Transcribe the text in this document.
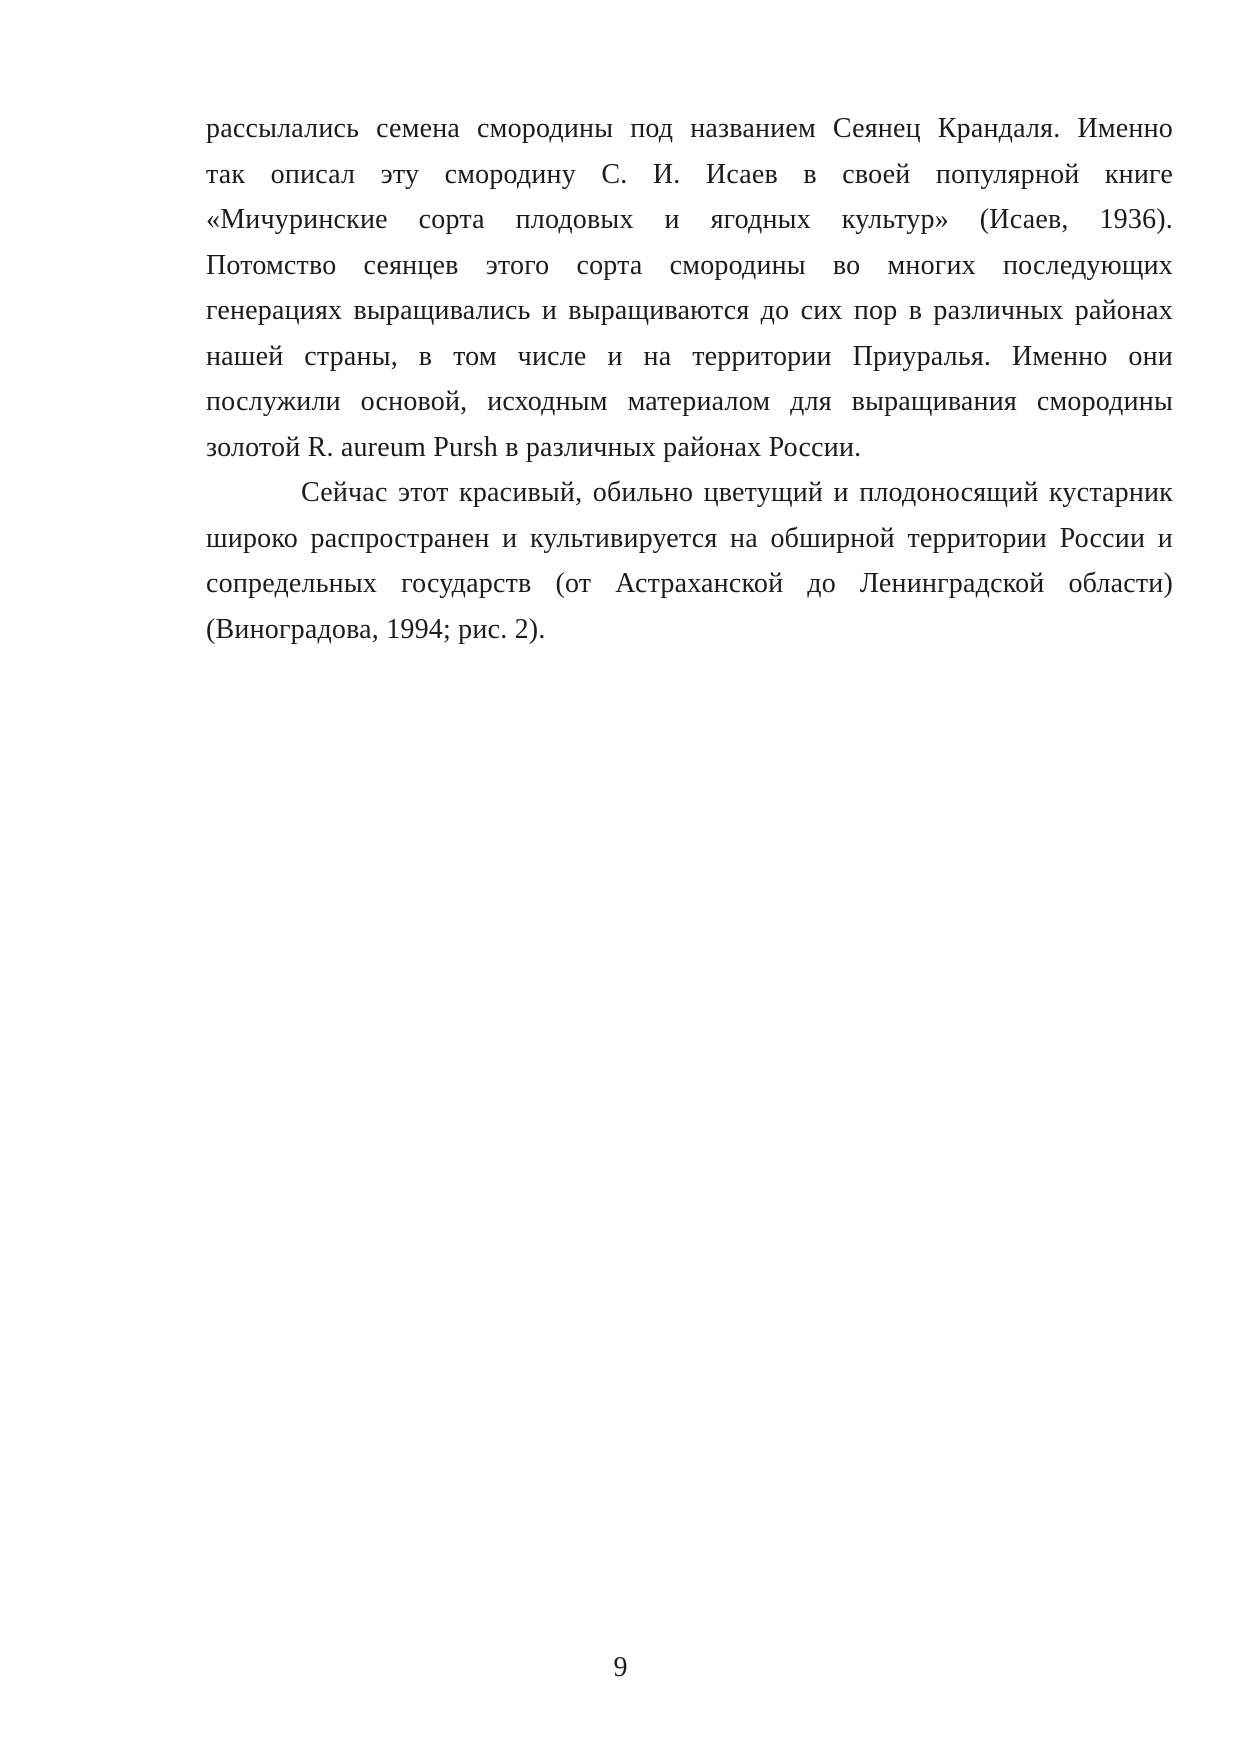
рассылались семена смородины под названием Сеянец Крандаля. Именно
так описал эту смородину С. И. Исаев в своей популярной книге
«Мичуринские сорта плодовых и ягодных культур» (Исаев, 1936).
Потомство сеянцев этого сорта смородины во многих последующих
генерациях выращивались и выращиваются до сих пор в различных районах
нашей страны, в том числе и на территории Приуралья. Именно они
послужили основой, исходным материалом для выращивания смородины
золотой R. aureum Pursh в различных районах России.
Сейчас этот красивый, обильно цветущий и плодоносящий кустарник
широко распространен и культивируется на обширной территории России и
сопредельных государств (от Астраханской до Ленинградской области)
(Виноградова, 1994; рис. 2).
9
